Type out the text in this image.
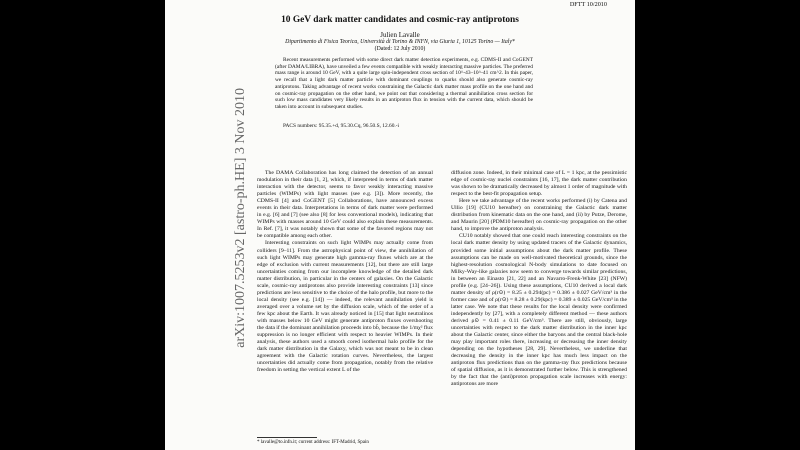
DFTT 10/2010
10 GeV dark matter candidates and cosmic-ray antiprotons
Julien Lavalle
Dipartimento di Fisica Teorica, Università di Torino & INFN, via Giuria 1, 10125 Torino — Italy*
(Dated: 12 July 2010)
Recent measurements performed with some direct dark matter detection experiments, e.g. CDMS-II and CoGENT (after DAMA/LIBRA), have unveiled a few events compatible with weakly interacting massive particles. The preferred mass range is around 10 GeV, with a quite large spin-independent cross section of 10^-43–10^-41 cm^2. In this paper, we recall that a light dark matter particle with dominant couplings to quarks should also generate cosmic-ray antiprotons. Taking advantage of recent works constraining the Galactic dark matter mass profile on the one hand and on cosmic-ray propagation on the other hand, we point out that considering a thermal annihilation cross section for such low mass candidates very likely results in an antiproton flux in tension with the current data, which should be taken into account in subsequent studies.
PACS numbers: 95.35.+d, 95.30.Cq, 96.50.S, 12.60.-i
arXiv:1007.5253v2 [astro-ph.HE] 3 Nov 2010	The DAMA Collaboration has long claimed the detection of an annual modulation in their data [1, 2], which, if interpreted in terms of dark matter interaction with the detector, seems to favor weakly interacting massive particles (WIMPs) with light masses (see e.g. [3]). More recently, the CDMS-II [4] and CoGENT [5] Collaborations, have announced excess events in their data. Interpretations in terms of dark matter were performed in e.g. [6] and [7] (see also [8] for less conventional models), indicating that WIMPs with masses around 10 GeV could also explain these measurements. In Ref. [7], it was notably shown that some of the favored regions may not be compatible among each other.

Interesting constraints on such light WIMPs may actually come from colliders [9–11]. From the astrophysical point of view, the annihilation of such light WIMPs may generate high gamma-ray fluxes which are at the edge of exclusion with current measurements [12], but there are still large uncertainties coming from our incomplete knowledge of the detailed dark matter distribution, in particular in the centers of galaxies. On the Galactic scale, cosmic-ray antiprotons also provide interesting constraints [13] since predictions are less sensitive to the choice of the halo profile, but more to the local density (see e.g. [14]) — indeed, the relevant annihilation yield is averaged over a volume set by the diffusion scale, which of the order of a few kpc about the Earth. It was already noticed in [15] that light neutralinos with masses below 10 GeV might generate antiproton fluxes overshooting the data if the dominant annihilation proceeds into bb̄, because the 1/mχ² flux suppression is no longer efficient with respect to heavier WIMPs. In their analysis, these authors used a smooth cored isothermal halo profile for the dark matter distribution in the Galaxy, which was not meant to be in clean agreement with the Galactic rotation curves. Nevertheless, the largest uncertainties did actually come from propagation, notably from the relative freedom in setting the vertical extent L of the

diffusion zone. Indeed, in their minimal case of L = 1 kpc, at the pessimistic edge of cosmic-ray nuclei constraints [16, 17], the dark matter contribution was shown to be dramatically decreased by almost 1 order of magnitude with respect to the best-fit propagation setup.

Here we take advantage of the recent works performed (i) by Catena and Ullio [19] (CU10 hereafter) on constraining the Galactic dark matter distribution from kinematic data on the one hand, and (ii) by Putze, Derome, and Maurin [20] (PDM10 hereafter) on cosmic-ray propagation on the other hand, to improve the antiproton analysis.

CU10 notably showed that one could reach interesting constraints on the local dark matter density by using updated tracers of the Galactic dynamics, provided some initial assumptions about the dark matter profile. These assumptions can be made on well-motivated theoretical grounds, since the highest-resolution cosmological N-body simulations to date focused on Milky-Way-like galaxies now seem to converge towards similar predictions, in between an Einasto [21, 22] and an Navarro-Frenk-White [23] (NFW) profile (e.g. [24–26]). Using these assumptions, CU10 derived a local dark matter density of ρ(r⊙) = 8.25 ± 0.294(pc) = 0.386 ± 0.027 GeV/cm³ in the former case and of ρ(r⊙) = 8.28 ± 0.29(kpc) = 0.389 ± 0.025 GeV/cm³ in the latter case. We note that these results for the local density were confirmed independently by [27], with a completely different method — these authors derived ρ⊙ = 0.41 ± 0.11 GeV/cm³. There are still, obviously, large uncertainties with respect to the dark matter distribution in the inner kpc about the Galactic center, since either the baryons and the central black-hole may play important roles there, increasing or decreasing the inner density depending on the hypotheses [28, 29]. Nevertheless, we underline that decreasing the density in the inner kpc has much less impact on the antiproton flux predictions than on the gamma-ray flux predictions because of spatial diffusion, as it is demonstrated further below. This is strengthened by the fact that the (anti)proton propagation scale increases with energy: antiprotons are more

* lavalle@to.infn.it; current address: IFT-Madrid, Spain
